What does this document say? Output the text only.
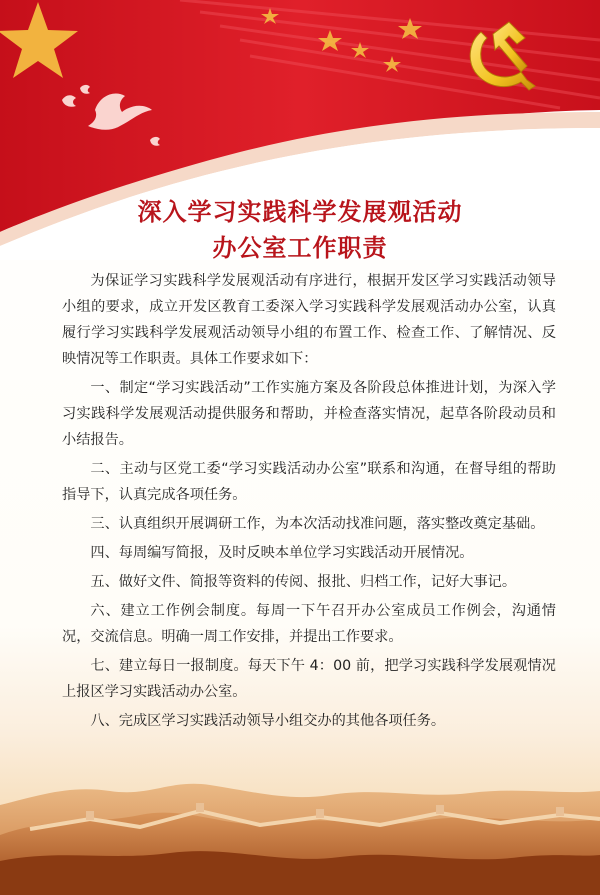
深入学习实践科学发展观活动
办公室工作职责

为保证学习实践科学发展观活动有序进行，根据开发区学习实践活动领导小组的要求，成立开发区教育工委深入学习实践科学发展观活动办公室，认真履行学习实践科学发展观活动领导小组的布置工作、检查工作、了解情况、反映情况等工作职责。具体工作要求如下：

一、制定“学习实践活动”工作实施方案及各阶段总体推进计划，为深入学习实践科学发展观活动提供服务和帮助，并检查落实情况，起草各阶段动员和小结报告。

二、主动与区党工委“学习实践活动办公室”联系和沟通，在督导组的帮助指导下，认真完成各项任务。

三、认真组织开展调研工作，为本次活动找准问题，落实整改奠定基础。

四、每周编写简报，及时反映本单位学习实践活动开展情况。

五、做好文件、简报等资料的传阅、报批、归档工作，记好大事记。

六、建立工作例会制度。每周一下午召开办公室成员工作例会，沟通情况，交流信息。明确一周工作安排，并提出工作要求。

七、建立每日一报制度。每天下午 4：00 前，把学习实践科学发展观情况上报区学习实践活动办公室。

八、完成区学习实践活动领导小组交办的其他各项任务。
